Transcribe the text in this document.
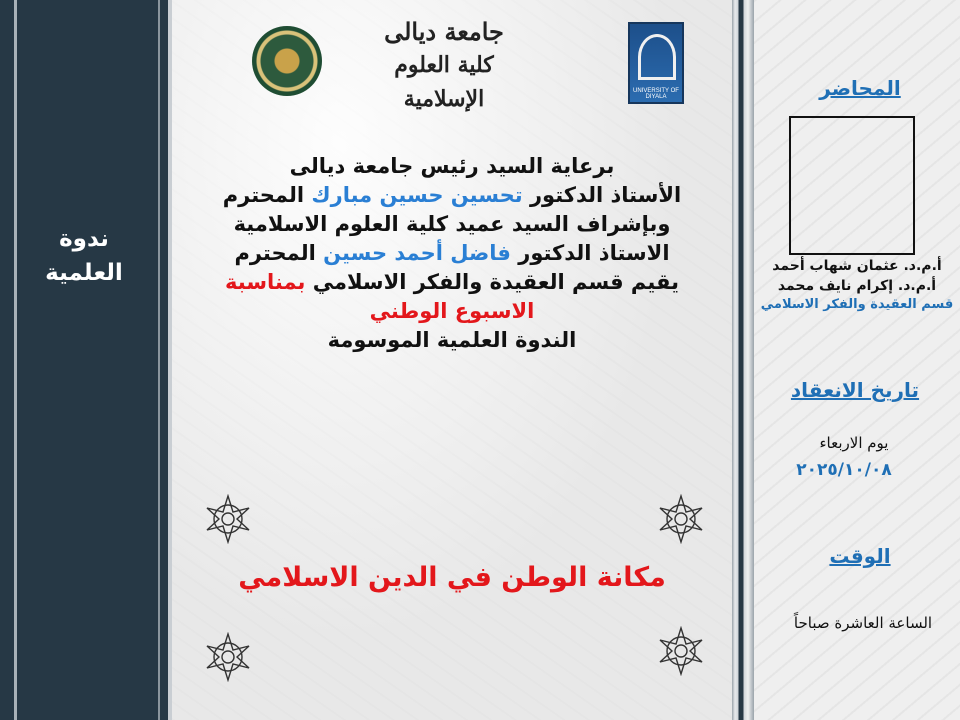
ندوة
العلمية
جامعة ديالى
كلية العلوم الإسلامية	UNIVERSITY OF DIYALA
برعاية السيد رئيس جامعة ديالى
الأستاذ الدكتور تحسين حسين مبارك المحترم
وبإشراف السيد عميد كلية العلوم الاسلامية
الاستاذ الدكتور فاضل أحمد حسين المحترم
يقيم قسم العقيدة والفكر الاسلامي بمناسبة
الاسبوع الوطني
الندوة العلمية الموسومة
مكانة الوطن في الدين الاسلامي
المحاضر
أ.م.د. عثمان شهاب أحمد
أ.م.د. إكرام نايف محمد
قسم العقيدة والفكر الاسلامي
تاريخ الانعقاد
يوم الاربعاء
٢٠٢٥/١٠/٠٨
الوقت
الساعة العاشرة صباحاً
